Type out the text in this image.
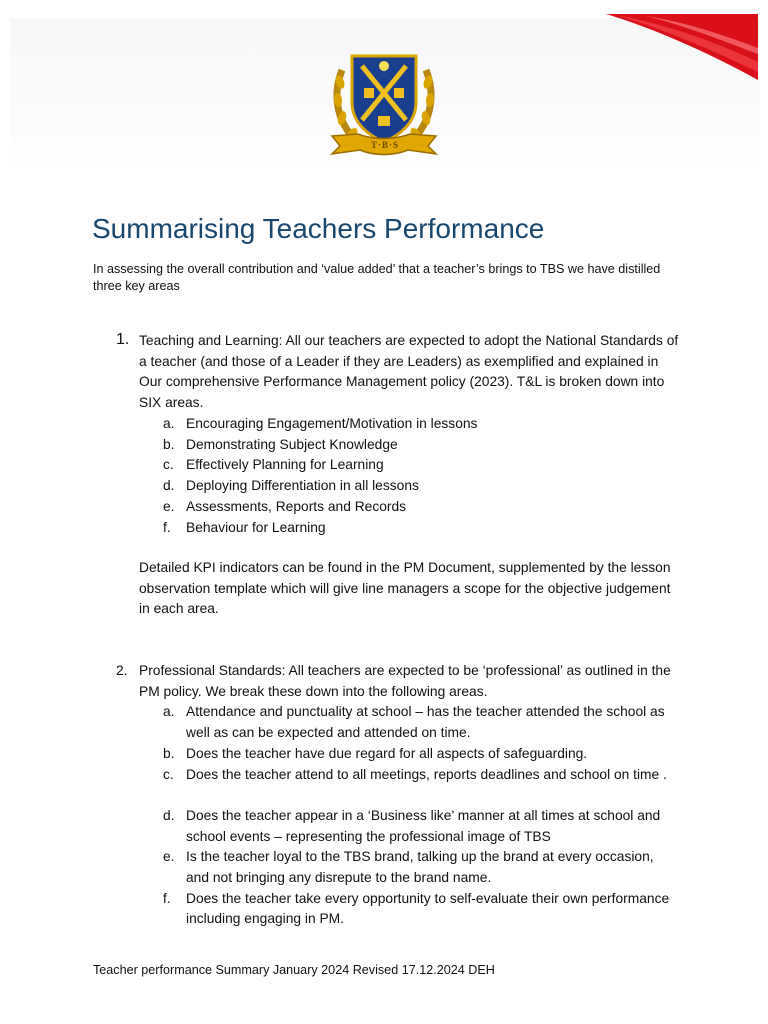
T·B·S
Summarising Teachers Performance

In assessing the overall contribution and ‘value added’ that a teacher’s brings to TBS we have distilled three key areas

1. Teaching and Learning: All our teachers are expected to adopt the National Standards of a teacher (and those of a Leader if they are Leaders) as exemplified and explained in Our comprehensive Performance Management policy (2023). T&L is broken down into SIX areas.

a. Encouraging Engagement/Motivation in lessons
b. Demonstrating Subject Knowledge
c. Effectively Planning for Learning
d. Deploying Differentiation in all lessons
e. Assessments, Reports and Records
f. Behaviour for Learning

Detailed KPI indicators can be found in the PM Document, supplemented by the lesson observation template which will give line managers a scope for the objective judgement in each area.

2. Professional Standards: All teachers are expected to be ‘professional’ as outlined in the PM policy. We break these down into the following areas.

a. Attendance and punctuality at school – has the teacher attended the school as well as can be expected and attended on time.
b. Does the teacher have due regard for all aspects of safeguarding.
c. Does the teacher attend to all meetings, reports deadlines and school on time .
d. Does the teacher appear in a ‘Business like’ manner at all times at school and school events – representing the professional image of TBS
e. Is the teacher loyal to the TBS brand, talking up the brand at every occasion, and not bringing any disrepute to the brand name.
f. Does the teacher take every opportunity to self-evaluate their own performance including engaging in PM.
Teacher performance Summary January 2024 Revised 17.12.2024 DEH
